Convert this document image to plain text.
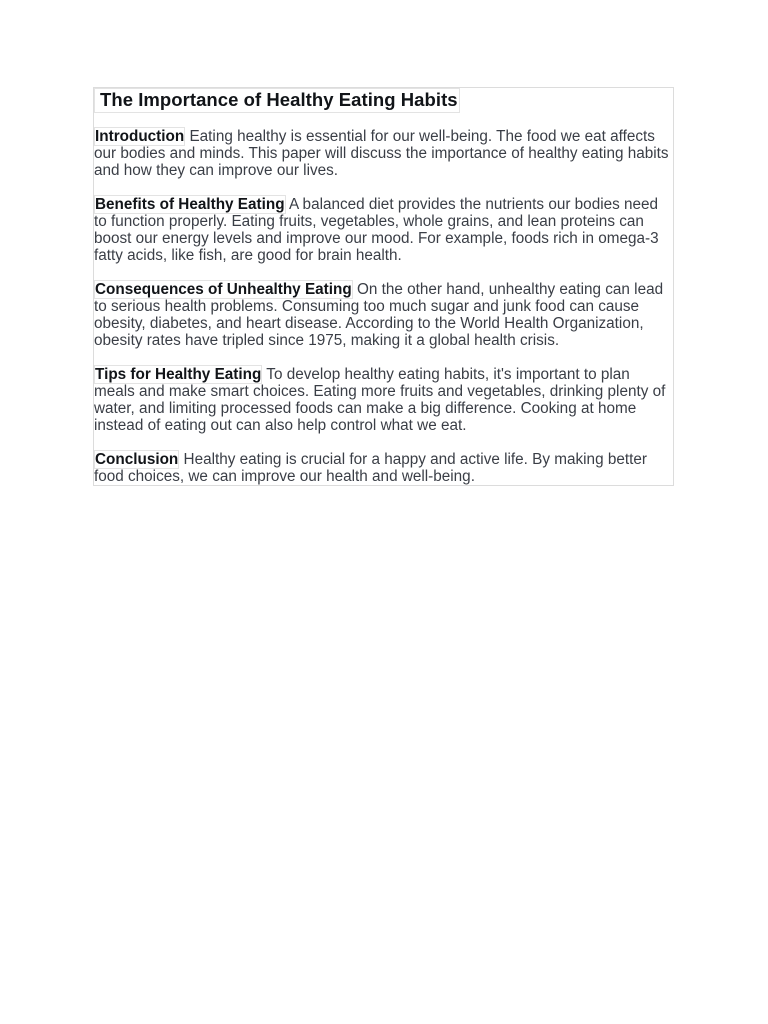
The Importance of Healthy Eating Habits

Introduction Eating healthy is essential for our well-being. The food we eat affects our bodies and minds. This paper will discuss the importance of healthy eating habits and how they can improve our lives.

Benefits of Healthy Eating A balanced diet provides the nutrients our bodies need to function properly. Eating fruits, vegetables, whole grains, and lean proteins can boost our energy levels and improve our mood. For example, foods rich in omega-3 fatty acids, like fish, are good for brain health.

Consequences of Unhealthy Eating On the other hand, unhealthy eating can lead to serious health problems. Consuming too much sugar and junk food can cause obesity, diabetes, and heart disease. According to the World Health Organization, obesity rates have tripled since 1975, making it a global health crisis.

Tips for Healthy Eating To develop healthy eating habits, it's important to plan meals and make smart choices. Eating more fruits and vegetables, drinking plenty of water, and limiting processed foods can make a big difference. Cooking at home instead of eating out can also help control what we eat.

Conclusion Healthy eating is crucial for a happy and active life. By making better food choices, we can improve our health and well-being.
